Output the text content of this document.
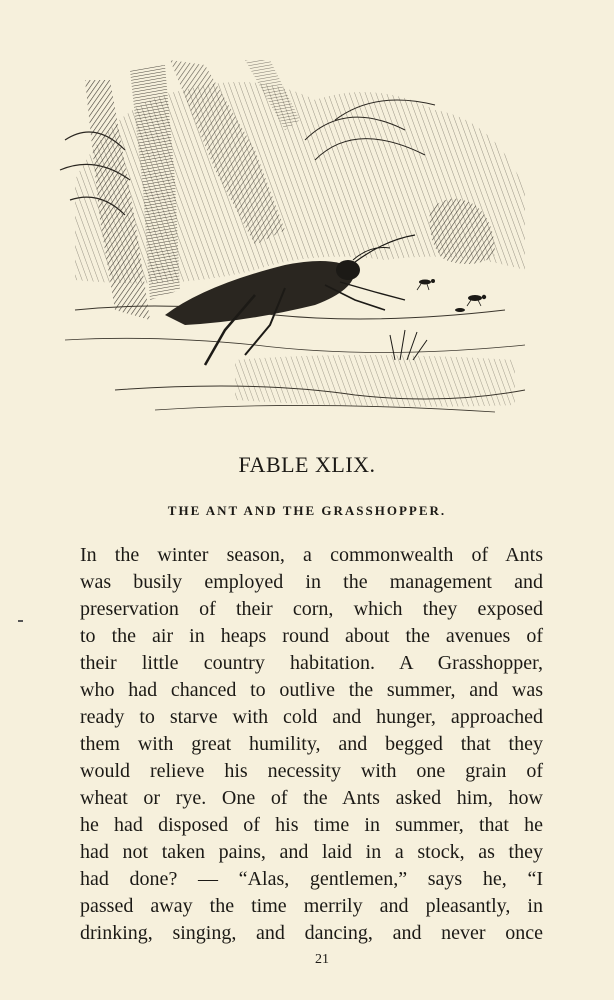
FABLE XLIX.
THE ANT AND THE GRASSHOPPER.
In the winter season, a commonwealth of Ants
was busily employed in the management and
preservation of their corn, which they exposed
to the air in heaps round about the avenues of
their little country habitation. A Grasshopper,
who had chanced to outlive the summer, and was
ready to starve with cold and hunger, approached
them with great humility, and begged that they
would relieve his necessity with one grain of
wheat or rye. One of the Ants asked him, how
he had disposed of his time in summer, that he
had not taken pains, and laid in a stock, as they
had done? — “Alas, gentlemen,” says he, “I
passed away the time merrily and pleasantly, in
drinking, singing, and dancing, and never once
21
